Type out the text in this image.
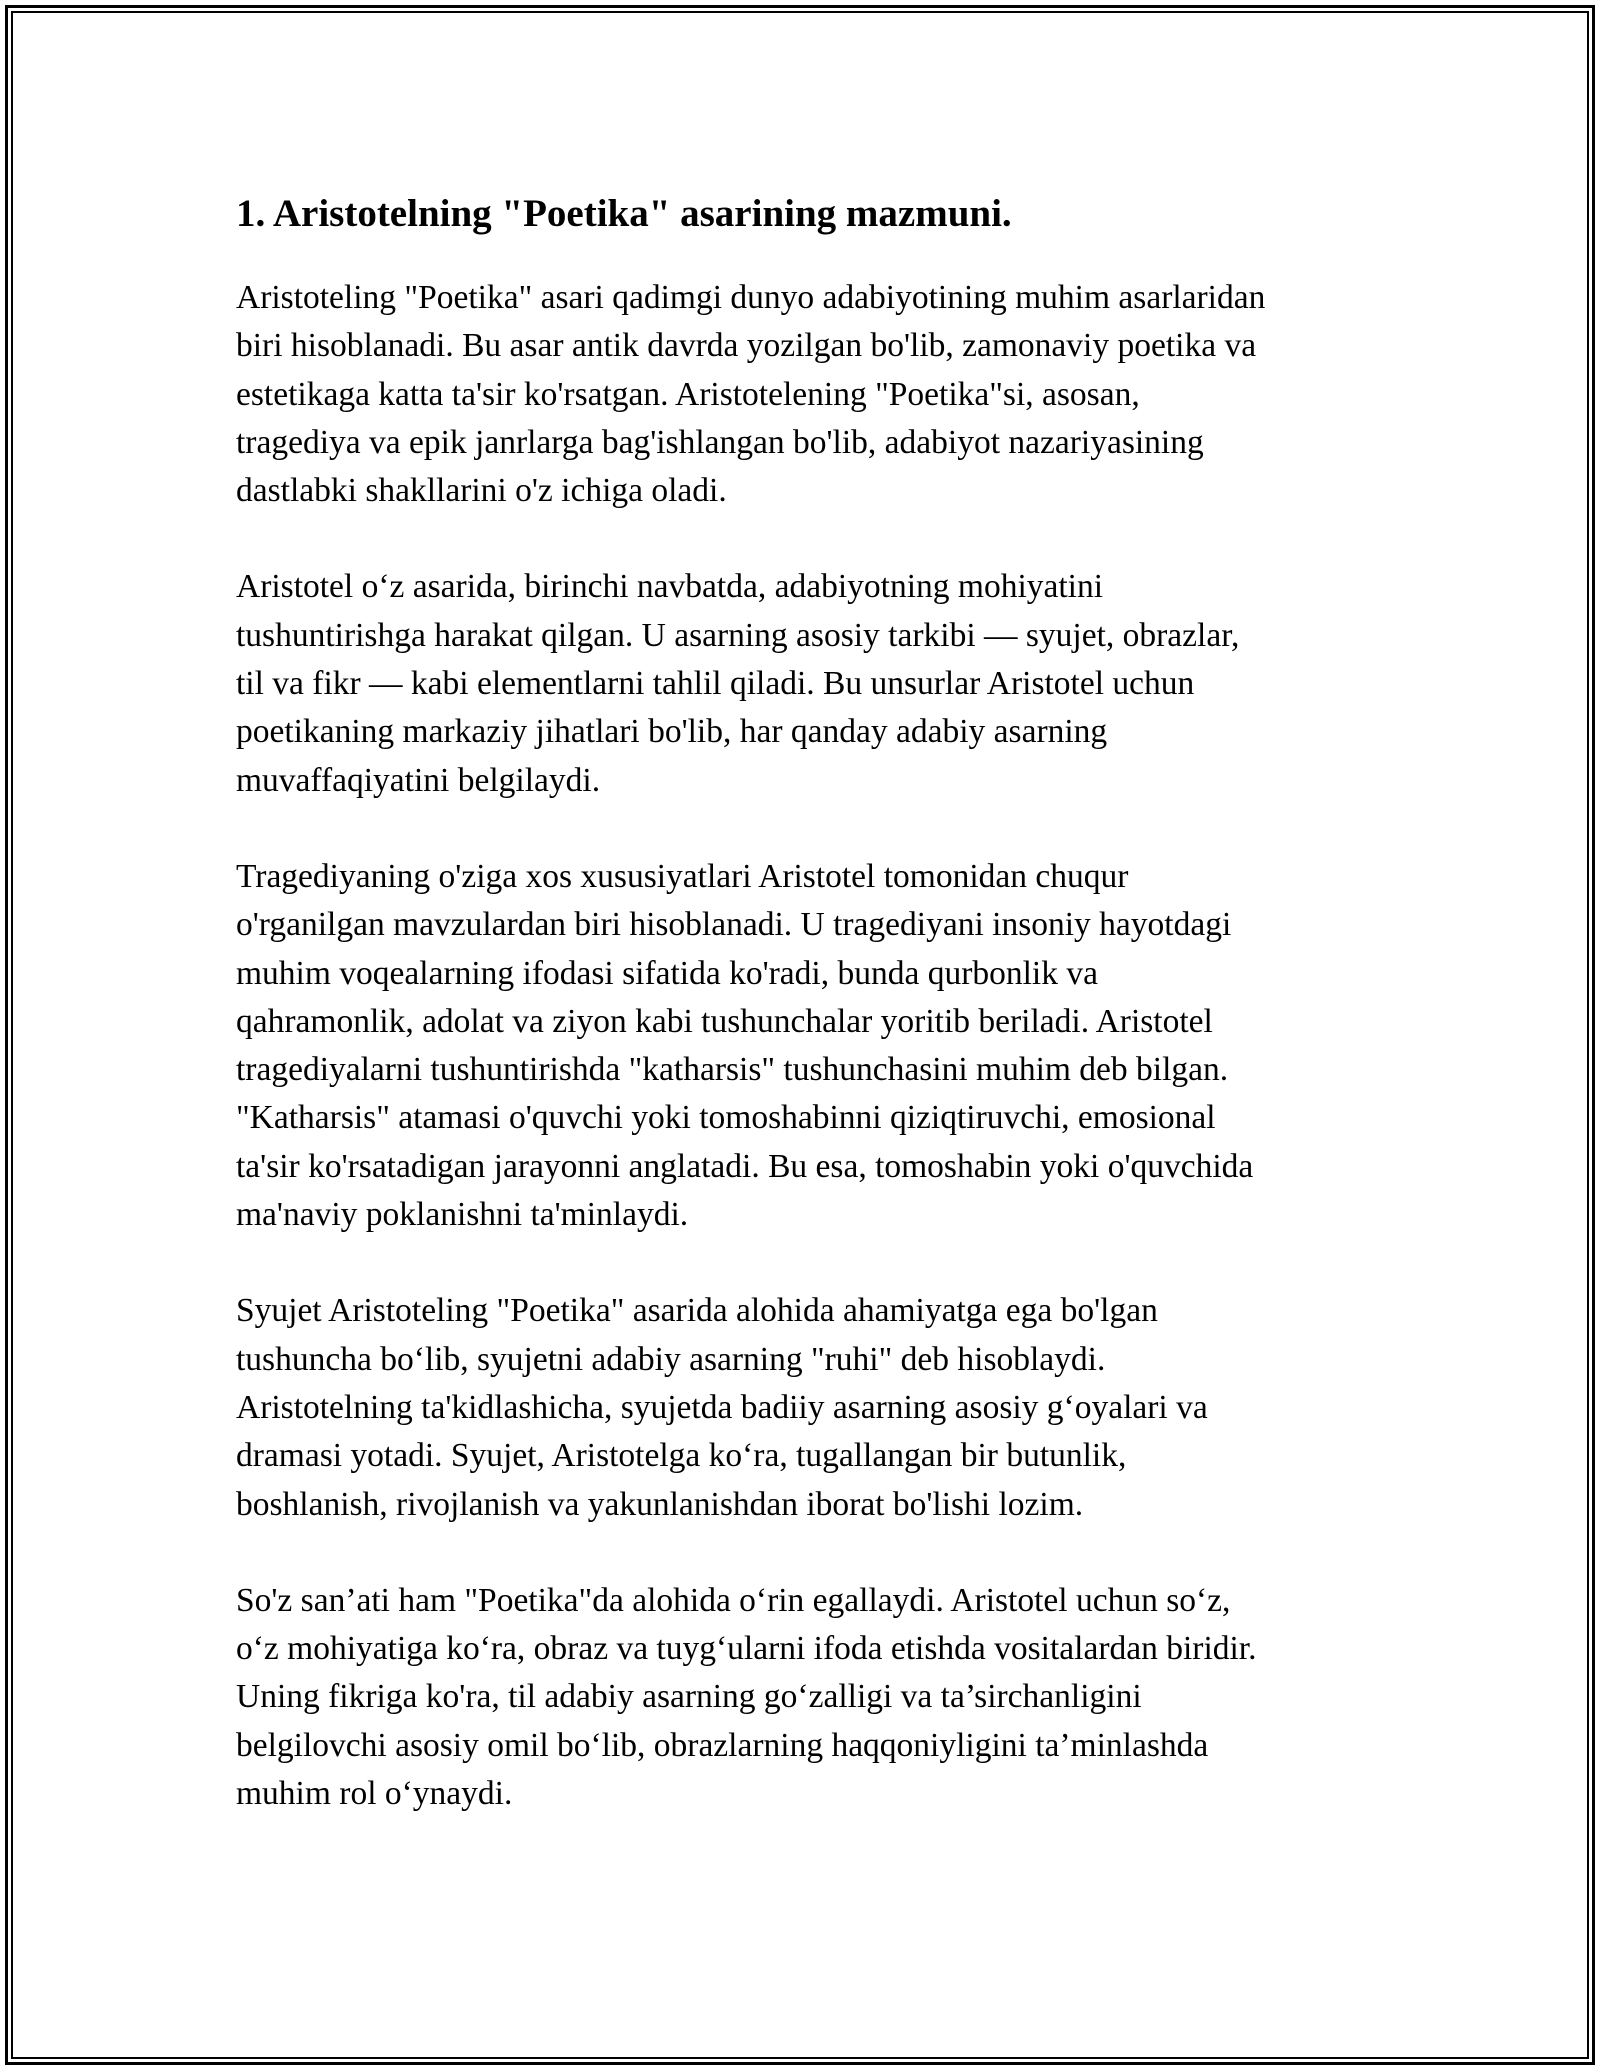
1. Aristotelning "Poetika" asarining mazmuni.

Aristoteling "Poetika" asari qadimgi dunyo adabiyotining muhim asarlaridan
biri hisoblanadi. Bu asar antik davrda yozilgan bo'lib, zamonaviy poetika va
estetikaga katta ta'sir ko'rsatgan. Aristotelening "Poetika"si, asosan,
tragediya va epik janrlarga bag'ishlangan bo'lib, adabiyot nazariyasining
dastlabki shakllarini o'z ichiga oladi.

Aristotel o‘z asarida, birinchi navbatda, adabiyotning mohiyatini
tushuntirishga harakat qilgan. U asarning asosiy tarkibi — syujet, obrazlar,
til va fikr — kabi elementlarni tahlil qiladi. Bu unsurlar Aristotel uchun
poetikaning markaziy jihatlari bo'lib, har qanday adabiy asarning
muvaffaqiyatini belgilaydi.

Tragediyaning o'ziga xos xususiyatlari Aristotel tomonidan chuqur
o'rganilgan mavzulardan biri hisoblanadi. U tragediyani insoniy hayotdagi
muhim voqealarning ifodasi sifatida ko'radi, bunda qurbonlik va
qahramonlik, adolat va ziyon kabi tushunchalar yoritib beriladi. Aristotel
tragediyalarni tushuntirishda "katharsis" tushunchasini muhim deb bilgan.
"Katharsis" atamasi o'quvchi yoki tomoshabinni qiziqtiruvchi, emosional
ta'sir ko'rsatadigan jarayonni anglatadi. Bu esa, tomoshabin yoki o'quvchida
ma'naviy poklanishni ta'minlaydi.

Syujet Aristoteling "Poetika" asarida alohida ahamiyatga ega bo'lgan
tushuncha bo‘lib, syujetni adabiy asarning "ruhi" deb hisoblaydi.
Aristotelning ta'kidlashicha, syujetda badiiy asarning asosiy g‘oyalari va
dramasi yotadi. Syujet, Aristotelga ko‘ra, tugallangan bir butunlik,
boshlanish, rivojlanish va yakunlanishdan iborat bo'lishi lozim.

So'z san’ati ham "Poetika"da alohida o‘rin egallaydi. Aristotel uchun so‘z,
o‘z mohiyatiga ko‘ra, obraz va tuyg‘ularni ifoda etishda vositalardan biridir.
Uning fikriga ko'ra, til adabiy asarning go‘zalligi va ta’sirchanligini
belgilovchi asosiy omil bo‘lib, obrazlarning haqqoniyligini ta’minlashda
muhim rol o‘ynaydi.
